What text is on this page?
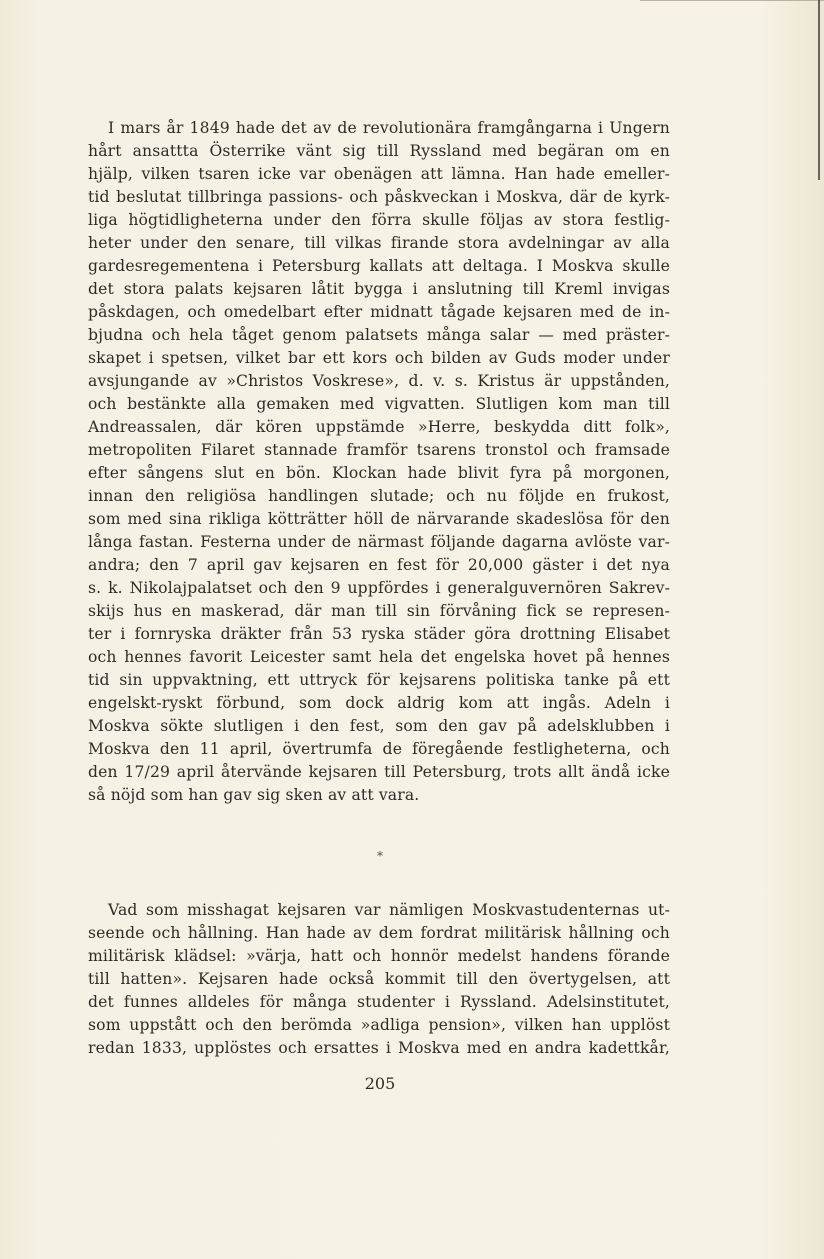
I mars år 1849 hade det av de revolutionära framgångarna i Ungern
hårt ansattta Österrike vänt sig till Ryssland med begäran om en
hjälp, vilken tsaren icke var obenägen att lämna. Han hade emeller-
tid beslutat tillbringa passions- och påskveckan i Moskva, där de kyrk-
liga högtidligheterna under den förra skulle följas av stora festlig-
heter under den senare, till vilkas firande stora avdelningar av alla
gardesregementena i Petersburg kallats att deltaga. I Moskva skulle
det stora palats kejsaren låtit bygga i anslutning till Kreml invigas
påskdagen, och omedelbart efter midnatt tågade kejsaren med de in-
bjudna och hela tåget genom palatsets många salar — med präster-
skapet i spetsen, vilket bar ett kors och bilden av Guds moder under
avsjungande av »Christos Voskrese», d. v. s. Kristus är uppstånden,
och bestänkte alla gemaken med vigvatten. Slutligen kom man till
Andreassalen, där kören uppstämde »Herre, beskydda ditt folk»,
metropoliten Filaret stannade framför tsarens tronstol och framsade
efter sångens slut en bön. Klockan hade blivit fyra på morgonen,
innan den religiösa handlingen slutade; och nu följde en frukost,
som med sina rikliga kötträtter höll de närvarande skadeslösa för den
långa fastan. Festerna under de närmast följande dagarna avlöste var-
andra; den 7 april gav kejsaren en fest för 20,000 gäster i det nya
s. k. Nikolajpalatset och den 9 uppfördes i generalguvernören Sakrev-
skijs hus en maskerad, där man till sin förvåning fick se represen-
ter i fornryska dräkter från 53 ryska städer göra drottning Elisabet
och hennes favorit Leicester samt hela det engelska hovet på hennes
tid sin uppvaktning, ett uttryck för kejsarens politiska tanke på ett
engelskt-ryskt förbund, som dock aldrig kom att ingås. Adeln i
Moskva sökte slutligen i den fest, som den gav på adelsklubben i
Moskva den 11 april, övertrumfa de föregående festligheterna, och
den 17/29 april återvände kejsaren till Petersburg, trots allt ändå icke
så nöjd som han gav sig sken av att vara.
*
Vad som misshagat kejsaren var nämligen Moskvastudenternas ut-
seende och hållning. Han hade av dem fordrat militärisk hållning och
militärisk klädsel: »värja, hatt och honnör medelst handens förande
till hatten». Kejsaren hade också kommit till den övertygelsen, att
det funnes alldeles för många studenter i Ryssland. Adelsinstitutet,
som uppstått och den berömda »adliga pension», vilken han upplöst
redan 1833, upplöstes och ersattes i Moskva med en andra kadettkår,
205
